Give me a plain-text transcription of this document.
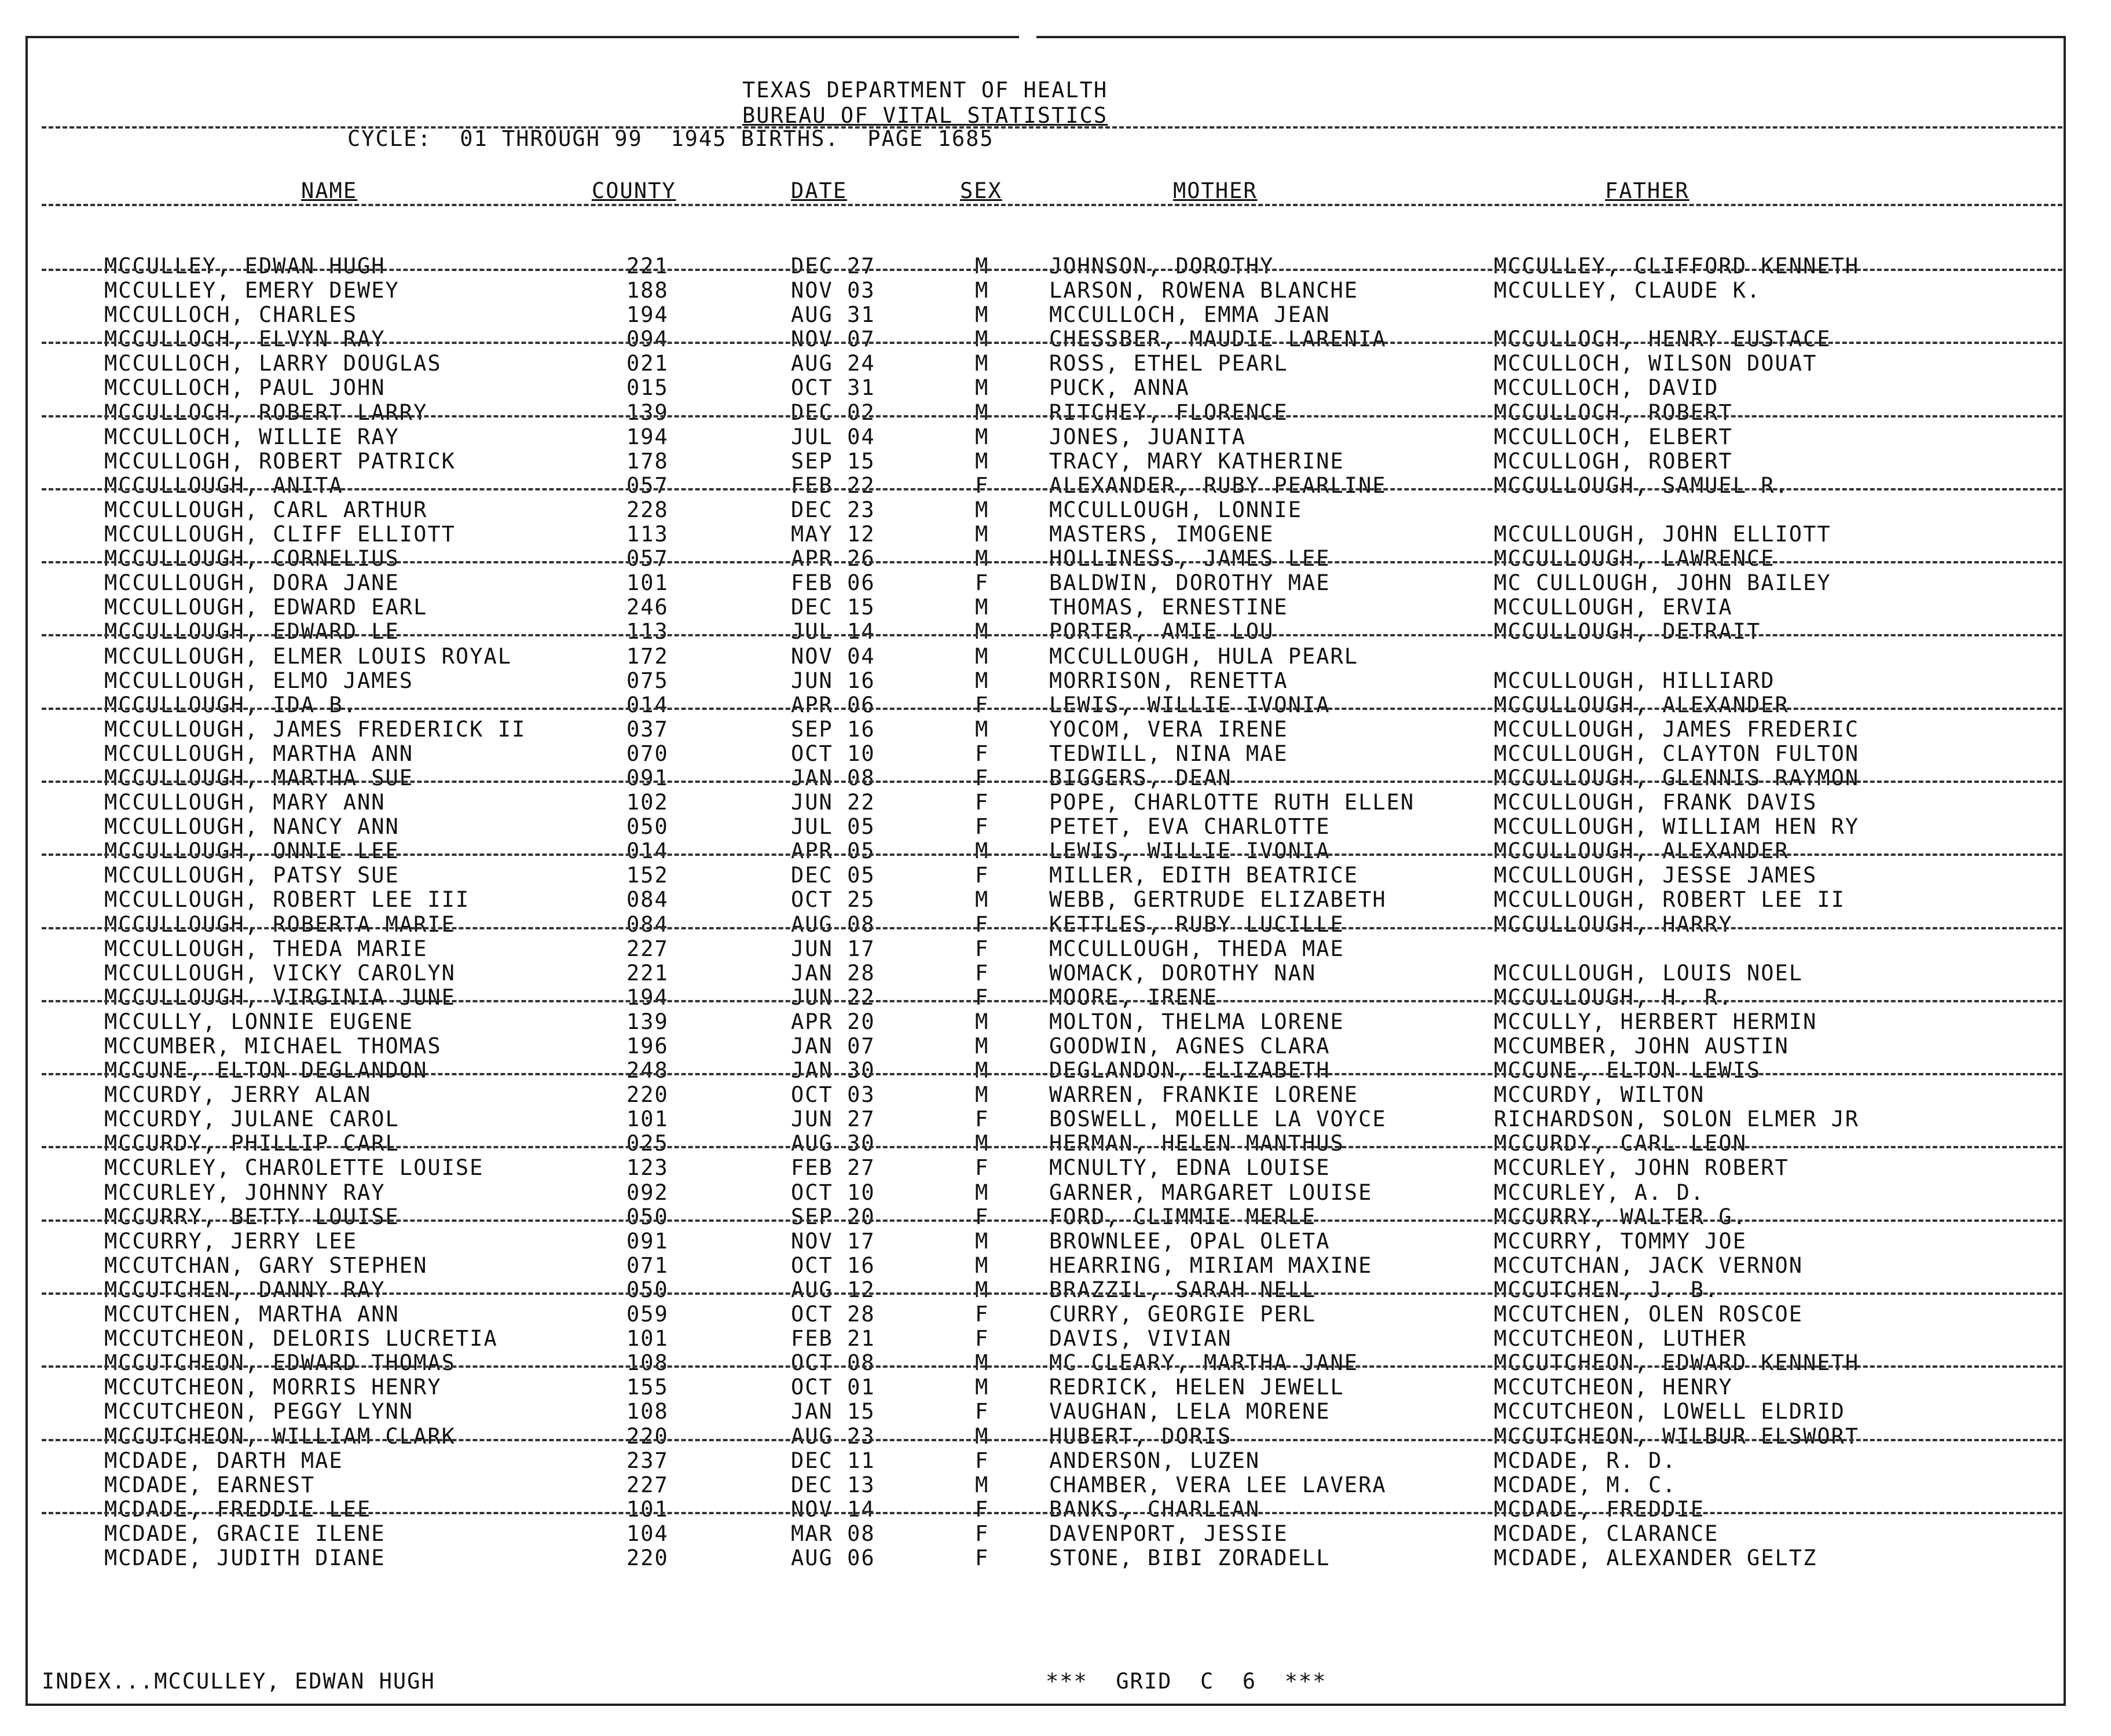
TEXAS DEPARTMENT OF HEALTH
BUREAU OF VITAL STATISTICS
CYCLE:  01 THROUGH 99  1945 BIRTHS.  PAGE 1685
NAME	COUNTY	DATE	SEX	MOTHER	FATHER
MCCULLEY, EDWAN HUGH	221	DEC 27	M	JOHNSON, DOROTHY	MCCULLEY, CLIFFORD KENNETH
MCCULLEY, EMERY DEWEY	188	NOV 03	M	LARSON, ROWENA BLANCHE	MCCULLEY, CLAUDE K.
MCCULLOCH, CHARLES	194	AUG 31	M	MCCULLOCH, EMMA JEAN
MCCULLOCH, ELVYN RAY	094	NOV 07	M	CHESSBER, MAUDIE LARENIA	MCCULLOCH, HENRY EUSTACE
MCCULLOCH, LARRY DOUGLAS	021	AUG 24	M	ROSS, ETHEL PEARL	MCCULLOCH, WILSON DOUAT
MCCULLOCH, PAUL JOHN	015	OCT 31	M	PUCK, ANNA	MCCULLOCH, DAVID
MCCULLOCH, ROBERT LARRY	139	DEC 02	M	RITCHEY, FLORENCE	MCCULLOCH, ROBERT
MCCULLOCH, WILLIE RAY	194	JUL 04	M	JONES, JUANITA	MCCULLOCH, ELBERT
MCCULLOGH, ROBERT PATRICK	178	SEP 15	M	TRACY, MARY KATHERINE	MCCULLOGH, ROBERT
MCCULLOUGH, ANITA	057	FEB 22	F	ALEXANDER, RUBY PEARLINE	MCCULLOUGH, SAMUEL R.
MCCULLOUGH, CARL ARTHUR	228	DEC 23	M	MCCULLOUGH, LONNIE
MCCULLOUGH, CLIFF ELLIOTT	113	MAY 12	M	MASTERS, IMOGENE	MCCULLOUGH, JOHN ELLIOTT
MCCULLOUGH, CORNELIUS	057	APR 26	M	HOLLINESS, JAMES LEE	MCCULLOUGH, LAWRENCE
MCCULLOUGH, DORA JANE	101	FEB 06	F	BALDWIN, DOROTHY MAE	MC CULLOUGH, JOHN BAILEY
MCCULLOUGH, EDWARD EARL	246	DEC 15	M	THOMAS, ERNESTINE	MCCULLOUGH, ERVIA
MCCULLOUGH, EDWARD LE	113	JUL 14	M	PORTER, AMIE LOU	MCCULLOUGH, DETRAIT
MCCULLOUGH, ELMER LOUIS ROYAL	172	NOV 04	M	MCCULLOUGH, HULA PEARL
MCCULLOUGH, ELMO JAMES	075	JUN 16	M	MORRISON, RENETTA	MCCULLOUGH, HILLIARD
MCCULLOUGH, IDA B.	014	APR 06	F	LEWIS, WILLIE IVONIA	MCCULLOUGH, ALEXANDER
MCCULLOUGH, JAMES FREDERICK II	037	SEP 16	M	YOCOM, VERA IRENE	MCCULLOUGH, JAMES FREDERIC
MCCULLOUGH, MARTHA ANN	070	OCT 10	F	TEDWILL, NINA MAE	MCCULLOUGH, CLAYTON FULTON
MCCULLOUGH, MARTHA SUE	091	JAN 08	F	BIGGERS, DEAN	MCCULLOUGH, GLENNIS RAYMON
MCCULLOUGH, MARY ANN	102	JUN 22	F	POPE, CHARLOTTE RUTH ELLEN	MCCULLOUGH, FRANK DAVIS
MCCULLOUGH, NANCY ANN	050	JUL 05	F	PETET, EVA CHARLOTTE	MCCULLOUGH, WILLIAM HEN RY
MCCULLOUGH, ONNIE LEE	014	APR 05	M	LEWIS, WILLIE IVONIA	MCCULLOUGH, ALEXANDER
MCCULLOUGH, PATSY SUE	152	DEC 05	F	MILLER, EDITH BEATRICE	MCCULLOUGH, JESSE JAMES
MCCULLOUGH, ROBERT LEE III	084	OCT 25	M	WEBB, GERTRUDE ELIZABETH	MCCULLOUGH, ROBERT LEE II
MCCULLOUGH, ROBERTA MARIE	084	AUG 08	F	KETTLES, RUBY LUCILLE	MCCULLOUGH, HARRY
MCCULLOUGH, THEDA MARIE	227	JUN 17	F	MCCULLOUGH, THEDA MAE
MCCULLOUGH, VICKY CAROLYN	221	JAN 28	F	WOMACK, DOROTHY NAN	MCCULLOUGH, LOUIS NOEL
MCCULLOUGH, VIRGINIA JUNE	194	JUN 22	F	MOORE, IRENE	MCCULLOUGH, H. R.
MCCULLY, LONNIE EUGENE	139	APR 20	M	MOLTON, THELMA LORENE	MCCULLY, HERBERT HERMIN
MCCUMBER, MICHAEL THOMAS	196	JAN 07	M	GOODWIN, AGNES CLARA	MCCUMBER, JOHN AUSTIN
MCCUNE, ELTON DEGLANDON	248	JAN 30	M	DEGLANDON, ELIZABETH	MCCUNE, ELTON LEWIS
MCCURDY, JERRY ALAN	220	OCT 03	M	WARREN, FRANKIE LORENE	MCCURDY, WILTON
MCCURDY, JULANE CAROL	101	JUN 27	F	BOSWELL, MOELLE LA VOYCE	RICHARDSON, SOLON ELMER JR
MCCURDY, PHILLIP CARL	025	AUG 30	M	HERMAN, HELEN MANTHUS	MCCURDY, CARL LEON
MCCURLEY, CHAROLETTE LOUISE	123	FEB 27	F	MCNULTY, EDNA LOUISE	MCCURLEY, JOHN ROBERT
MCCURLEY, JOHNNY RAY	092	OCT 10	M	GARNER, MARGARET LOUISE	MCCURLEY, A. D.
MCCURRY, BETTY LOUISE	050	SEP 20	F	FORD, CLIMMIE MERLE	MCCURRY, WALTER G.
MCCURRY, JERRY LEE	091	NOV 17	M	BROWNLEE, OPAL OLETA	MCCURRY, TOMMY JOE
MCCUTCHAN, GARY STEPHEN	071	OCT 16	M	HEARRING, MIRIAM MAXINE	MCCUTCHAN, JACK VERNON
MCCUTCHEN, DANNY RAY	050	AUG 12	M	BRAZZIL, SARAH NELL	MCCUTCHEN, J. B.
MCCUTCHEN, MARTHA ANN	059	OCT 28	F	CURRY, GEORGIE PERL	MCCUTCHEN, OLEN ROSCOE
MCCUTCHEON, DELORIS LUCRETIA	101	FEB 21	F	DAVIS, VIVIAN	MCCUTCHEON, LUTHER
MCCUTCHEON, EDWARD THOMAS	108	OCT 08	M	MC CLEARY, MARTHA JANE	MCCUTCHEON, EDWARD KENNETH
MCCUTCHEON, MORRIS HENRY	155	OCT 01	M	REDRICK, HELEN JEWELL	MCCUTCHEON, HENRY
MCCUTCHEON, PEGGY LYNN	108	JAN 15	F	VAUGHAN, LELA MORENE	MCCUTCHEON, LOWELL ELDRID
MCCUTCHEON, WILLIAM CLARK	220	AUG 23	M	HUBERT, DORIS	MCCUTCHEON, WILBUR ELSWORT
MCDADE, DARTH MAE	237	DEC 11	F	ANDERSON, LUZEN	MCDADE, R. D.
MCDADE, EARNEST	227	DEC 13	M	CHAMBER, VERA LEE LAVERA	MCDADE, M. C.
MCDADE, FREDDIE LEE	101	NOV 14	F	BANKS, CHARLEAN	MCDADE, FREDDIE
MCDADE, GRACIE ILENE	104	MAR 08	F	DAVENPORT, JESSIE	MCDADE, CLARANCE
MCDADE, JUDITH DIANE	220	AUG 06	F	STONE, BIBI ZORADELL	MCDADE, ALEXANDER GELTZ
INDEX...MCCULLEY, EDWAN HUGH	***  GRID  C  6  ***
